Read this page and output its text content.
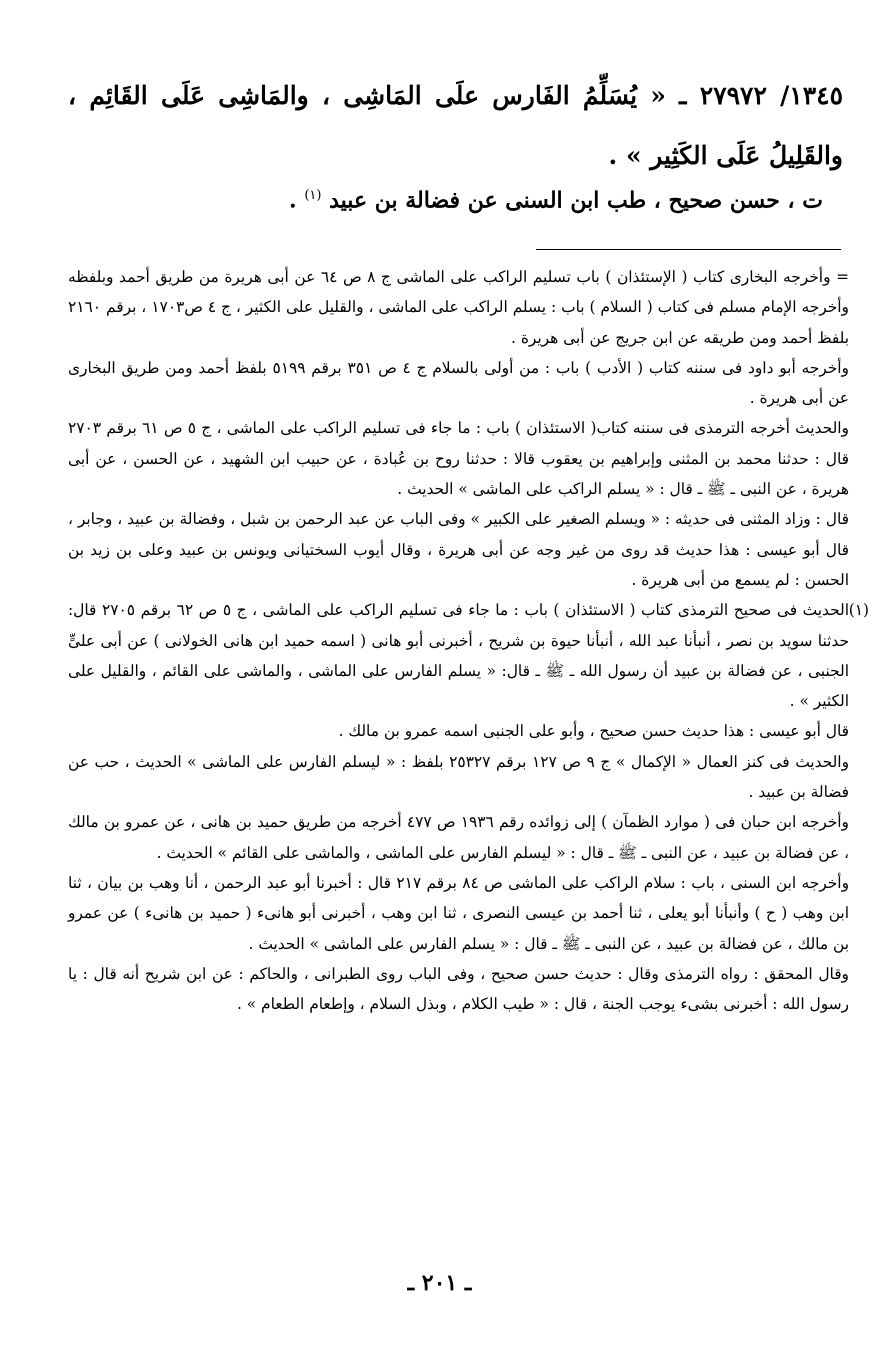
١٣٤٥/ ٢٧٩٧٢ ـ « يُسَلِّمُ الفَارس علَى المَاشِى ، والمَاشِى عَلَى القَائِم ، والقَلِيلُ عَلَى الكَثِير » .

ت ، حسن صحيح ، طب ابن السنى عن فضالة بن عبيد $^{(١)}$ .

= وأخرجه البخارى كتاب ( الإستئذان ) باب تسليم الراكب على الماشى ج ٨ ص ٦٤ عن أبى هريرة من طريق أحمد وبلفظه وأخرجه الإمام مسلم فى كتاب ( السلام ) باب : يسلم الراكب على الماشى ، والقليل على الكثير ، ج ٤ ص١٧٠٣ ، برقم ٢١٦٠ بلفظ أحمد ومن طريقه عن ابن جريج عن أبى هريرة .

وأخرجه أبو داود فى سننه كتاب ( الأدب ) باب : من أولى بالسلام ج ٤ ص ٣٥١ برقم ٥١٩٩ بلفظ أحمد ومن طريق البخارى عن أبى هريرة .

والحديث أخرجه الترمذى فى سننه كتاب( الاستئذان ) باب : ما جاء فى تسليم الراكب على الماشى ، ج ٥ ص ٦١ برقم ٢٧٠٣ قال : حدثنا محمد بن المثنى وإبراهيم بن يعقوب قالا : حدثنا روح بن عُبادة ، عن حبيب ابن الشهيد ، عن الحسن ، عن أبى هريرة ، عن النبى ـ ﷺ ـ قال : « يسلم الراكب على الماشى » الحديث .

قال : وزاد المثنى فى حديثه : « ويسلم الصغير على الكبير » وفى الباب عن عبد الرحمن بن شبل ، وفضالة بن عبيد ، وجابر ، قال أبو عيسى : هذا حديث قد روى من غير وجه عن أبى هريرة ، وقال أيوب السختيانى ويونس بن عبيد وعلى بن زيد بن الحسن : لم يسمع من أبى هريرة .

(١)
الحديث فى صحيح الترمذى كتاب ( الاستئذان ) باب : ما جاء فى تسليم الراكب على الماشى ، ج ٥ ص ٦٢ برقم ٢٧٠٥ قال: حدثنا سويد بن نصر ، أنبأنا عبد الله ، أنبأنا حيوة بن شريح ، أخبرنى أبو هانى ( اسمه حميد ابن هانى الخولانى ) عن أبى علىٍّ الجنبى ، عن فضالة بن عبيد أن رسول الله ـ ﷺ ـ قال: « يسلم الفارس على الماشى ، والماشى على القائم ، والقليل على الكثير » .

قال أبو عيسى : هذا حديث حسن صحيح ، وأبو على الجنبى اسمه عمرو بن مالك .

والحديث فى كنز العمال « الإكمال » ج ٩ ص ١٢٧ برقم ٢٥٣٢٧ بلفظ : « ليسلم الفارس على الماشى » الحديث ، حب عن فضالة بن عبيد .

وأخرجه ابن حبان فى ( موارد الظمآن ) إلى زوائده رقم ١٩٣٦ ص ٤٧٧ أخرجه من طريق حميد بن هانى ، عن عمرو بن مالك ، عن فضالة بن عبيد ، عن النبى ـ ﷺ ـ قال : « ليسلم الفارس على الماشى ، والماشى على القائم » الحديث .

وأخرجه ابن السنى ، باب : سلام الراكب على الماشى ص ٨٤ برقم ٢١٧ قال : أخبرنا أبو عبد الرحمن ، أنا وهب بن بيان ، ثنا ابن وهب ( ح ) وأنبأنا أبو يعلى ، ثنا أحمد بن عيسى النصرى ، ثنا ابن وهب ، أخبرنى أبو هانىء ( حميد بن هانىء ) عن عمرو بن مالك ، عن فضالة بن عبيد ، عن النبى ـ ﷺ ـ قال : « يسلم الفارس على الماشى » الحديث .

وقال المحقق : رواه الترمذى وقال : حديث حسن صحيح ، وفى الباب روى الطبرانى ، والحاكم : عن ابن شريح أنه قال : يا رسول الله : أخبرنى بشىء يوجب الجنة ، قال : « طيب الكلام ، وبذل السلام ، وإطعام الطعام » .

ـ ٢٠١ ـ
